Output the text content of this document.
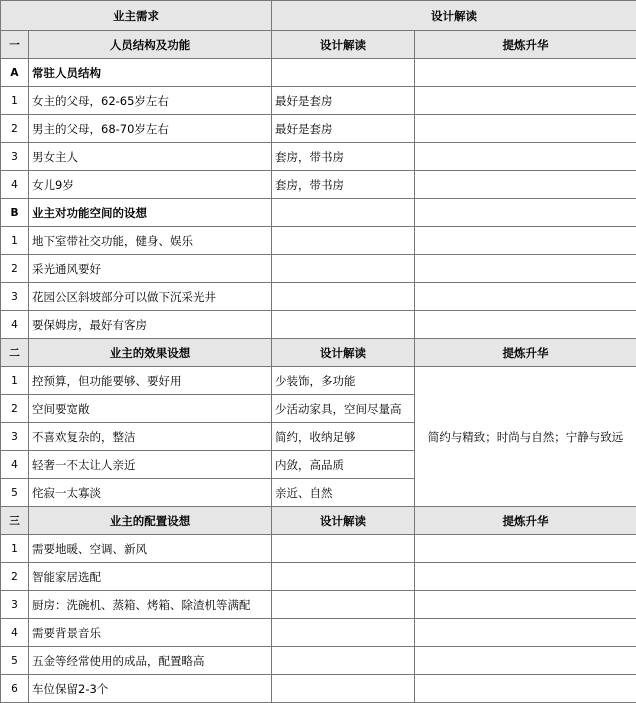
业主需求		设计解读	
一	人员结构及功能	设计解读	提炼升华
A	常驻人员结构		
1	女主的父母，62-65岁左右	最好是套房	
2	男主的父母，68-70岁左右	最好是套房	
3	男女主人	套房，带书房	
4	女儿9岁	套房，带书房	
B	业主对功能空间的设想		
1	地下室带社交功能，健身、娱乐		
2	采光通风要好		
3	花园公区斜坡部分可以做下沉采光井		
4	要保姆房，最好有客房		
二	业主的效果设想	设计解读	提炼升华
1	控预算，但功能要够、要好用	少装饰，多功能	简约与精致；时尚与自然；宁静与致远
2	空间要宽敞	少活动家具，空间尽量高	
3	不喜欢复杂的，整洁	简约，收纳足够	
4	轻奢一不太让人亲近	内敛，高品质	
5	侘寂一太寡淡	亲近、自然	
三	业主的配置设想	设计解读	提炼升华
1	需要地暖、空调、新风		
2	智能家居选配		
3	厨房：洗碗机、蒸箱、烤箱、除渣机等满配		
4	需要背景音乐		
5	五金等经常使用的成品，配置略高		
6	车位保留2-3个		
